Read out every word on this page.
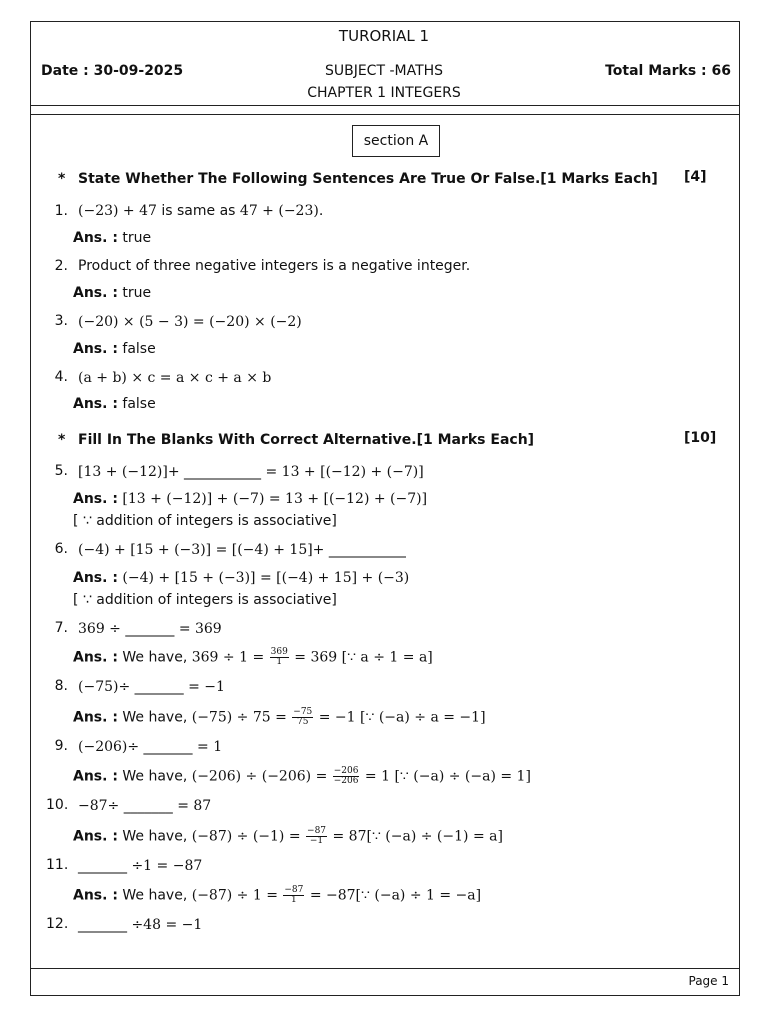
TURORIAL 1
Date : 30-09-2025	SUBJECT -MATHS
CHAPTER 1 INTEGERS
Total Marks : 66
section A
* State Whether The Following Sentences Are True Or False.[1 Marks Each] [4]
1. (−23) + 47 is same as 47 + (−23).
Ans. : true
2. Product of three negative integers is a negative integer.
Ans. : true
3. (−20) × (5 − 3) = (−20) × (−2)
Ans. : false
4. (a + b) × c = a × c + a × b
Ans. : false
* Fill In The Blanks With Correct Alternative.[1 Marks Each]	[10]
5. [13 + (−12)]+ ___________ = 13 + [(−12) + (−7)]
Ans. : [13 + (−12)] + (−7) = 13 + [(−12) + (−7)]
[ ∵ addition of integers is associative]
6. (−4) + [15 + (−3)] = [(−4) + 15]+ ___________
Ans. : (−4) + [15 + (−3)] = [(−4) + 15] + (−3)
[ ∵ addition of integers is associative]
7. 369 ÷ _______ = 369
Ans. : We have, $369 \div 1 = \frac{369}{1} = 369$ [∵ a ÷ 1 = a]
8. (−75)÷ _______ = −1
Ans. : We have, $(-75) \div 75 = \frac{-75}{75} = -1$ [∵ (−a) ÷ a = −1]
9. (−206)÷ _______ = 1
Ans. : We have, $(-206) \div (-206) = \frac{-206}{-206} = 1$ [∵ (−a) ÷ (−a) = 1]
10. −87÷ _______ = 87
Ans. : We have, $(-87) \div (-1) = \frac{-87}{-1}$ = 87[∵ (−a) ÷ (−1) = a]
11. _______ ÷1 = −87
Ans. : We have, $(-87) \div 1 = \frac{-87}{1}$ = −87[∵ (−a) ÷ 1 = −a]
12. _______ ÷48 = −1
Page 1
